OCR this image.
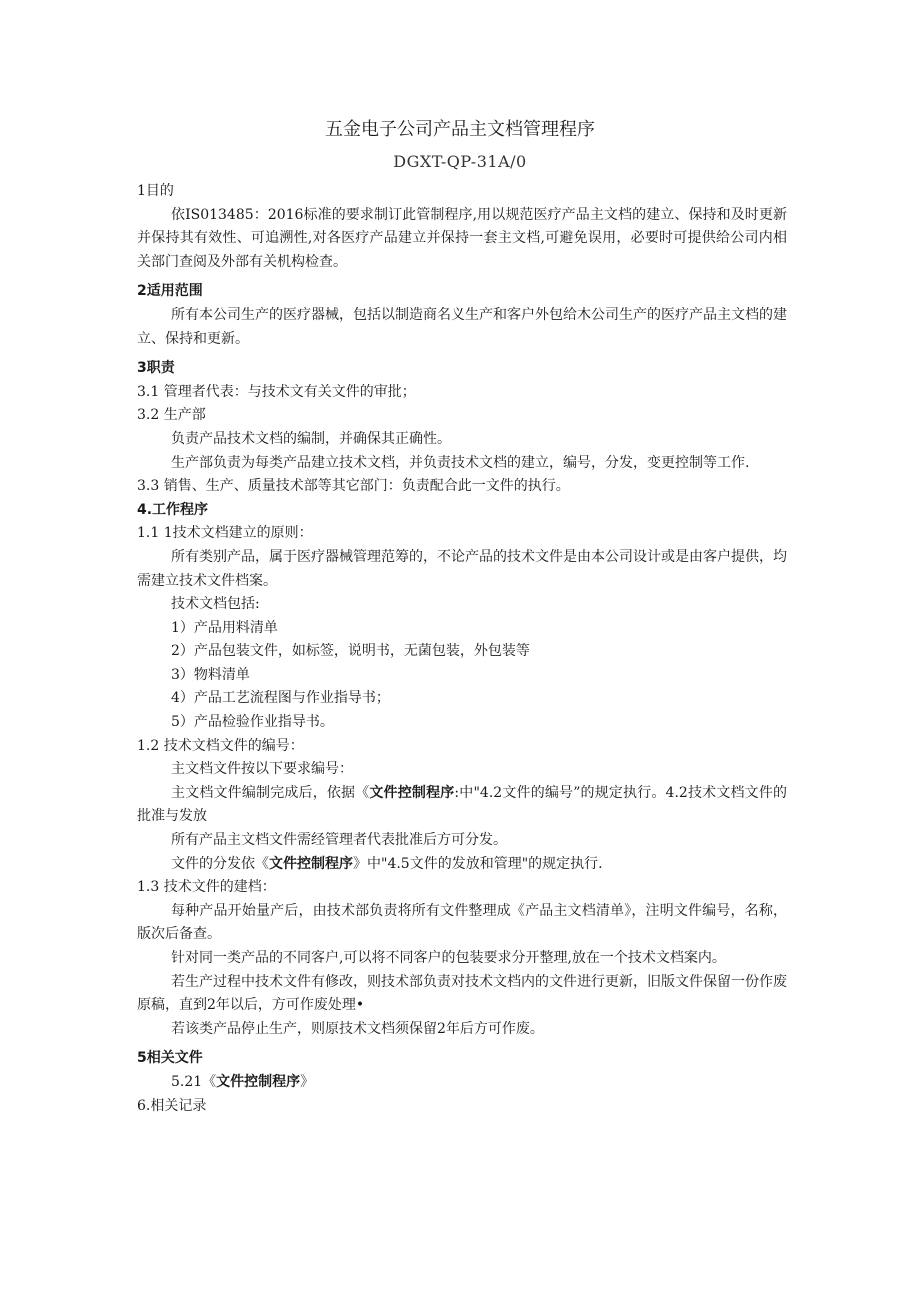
五金电子公司产品主文档管理程序
DGXT-QP-31A/0
1目的
依IS013485：2016标准的要求制订此管制程序,用以规范医疗产品主文档的建立、保持和及时更新并保持其有效性、可追溯性,对各医疗产品建立并保持一套主文档,可避免误用，必要时可提供给公司内相关部门查阅及外部有关机构检查。
2适用范围
所有本公司生产的医疗器械，包括以制造商名义生产和客户外包给木公司生产的医疗产品主文档的建立、保持和更新。
3职责
3.1 管理者代表：与技术文有关文件的审批；
3.2 生产部
负责产品技术文档的编制，并确保其正确性。
生产部负责为每类产品建立技术文档，并负责技术文档的建立，编号，分发，变更控制等工作.
3.3 销售、生产、质量技术部等其它部门：负责配合此一文件的执行。
4.工作程序
1.1 1技术文档建立的原则：
所有类别产品，属于医疗器械管理范筹的，不论产品的技术文件是由本公司设计或是由客户提供，均需建立技术文件档案。
技术文档包括:
1）产品用料清单
2）产品包装文件，如标签，说明书，无菌包装，外包装等
3）物料清单
4）产品工艺流程图与作业指导书；
5）产品检验作业指导书。
1.2 技术文档文件的编号：
主文档文件按以下要求编号：
主文档文件编制完成后，依据《文件控制程序:中"4.2文件的编号”的规定执行。4.2技术文档文件的批准与发放
所有产品主文档文件需经管理者代表批准后方可分发。
文件的分发依《文件控制程序》中"4.5文件的发放和管理"的规定执行.
1.3 技术文件的建档：
每种产品开始量产后，由技术部负责将所有文件整理成《产品主文档清单》，注明文件编号，名称，版次后备查。
针对同一类产品的不同客户,可以将不同客户的包装要求分开整理,放在一个技术文档案内。
若生产过程中技术文件有修改，则技术部负责对技术文档内的文件进行更新，旧版文件保留一份作废原稿，直到2年以后，方可作废处理•
若该类产品停止生产，则原技术文档须保留2年后方可作废。
5相关文件
5.21《文件控制程序》
6.相关记录
